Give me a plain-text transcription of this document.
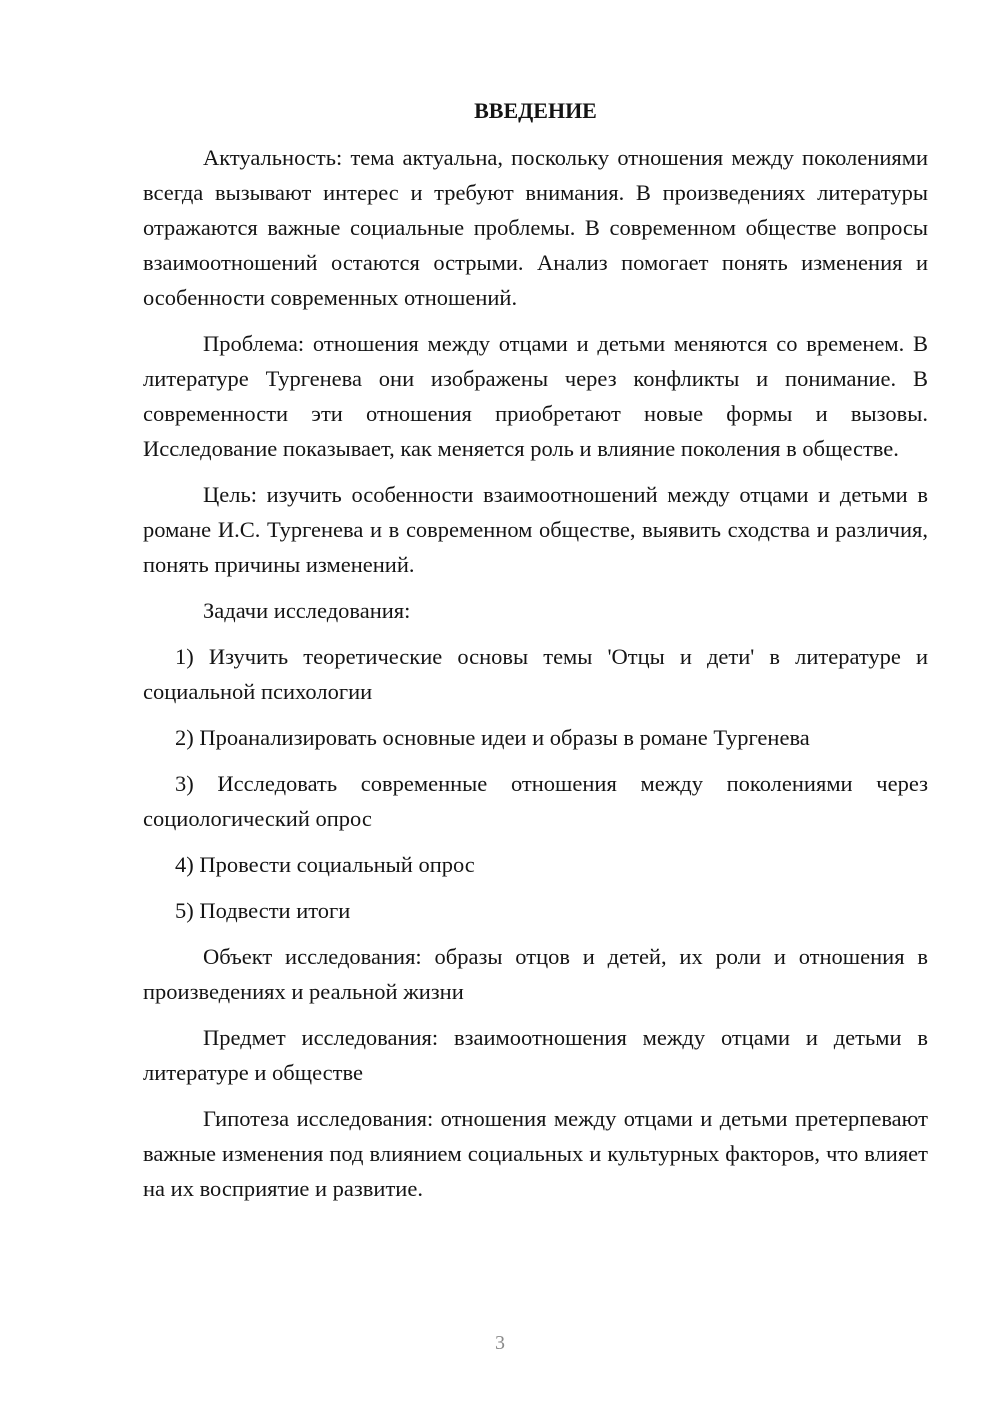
ВВЕДЕНИЕ

Актуальность: тема актуальна, поскольку отношения между поколениями всегда вызывают интерес и требуют внимания. В произведениях литературы отражаются важные социальные проблемы. В современном обществе вопросы взаимоотношений остаются острыми. Анализ помогает понять изменения и особенности современных отношений.

Проблема: отношения между отцами и детьми меняются со временем. В литературе Тургенева они изображены через конфликты и понимание. В современности эти отношения приобретают новые формы и вызовы. Исследование показывает, как меняется роль и влияние поколения в обществе.

Цель: изучить особенности взаимоотношений между отцами и детьми в романе И.С. Тургенева и в современном обществе, выявить сходства и различия, понять причины изменений.

Задачи исследования:

1) Изучить теоретические основы темы 'Отцы и дети' в литературе и социальной психологии

2) Проанализировать основные идеи и образы в романе Тургенева

3) Исследовать современные отношения между поколениями через социологический опрос

4) Провести социальный опрос

5) Подвести итоги

Объект исследования: образы отцов и детей, их роли и отношения в произведениях и реальной жизни

Предмет исследования: взаимоотношения между отцами и детьми в литературе и обществе

Гипотеза исследования: отношения между отцами и детьми претерпевают важные изменения под влиянием социальных и культурных факторов, что влияет на их восприятие и развитие.

3
